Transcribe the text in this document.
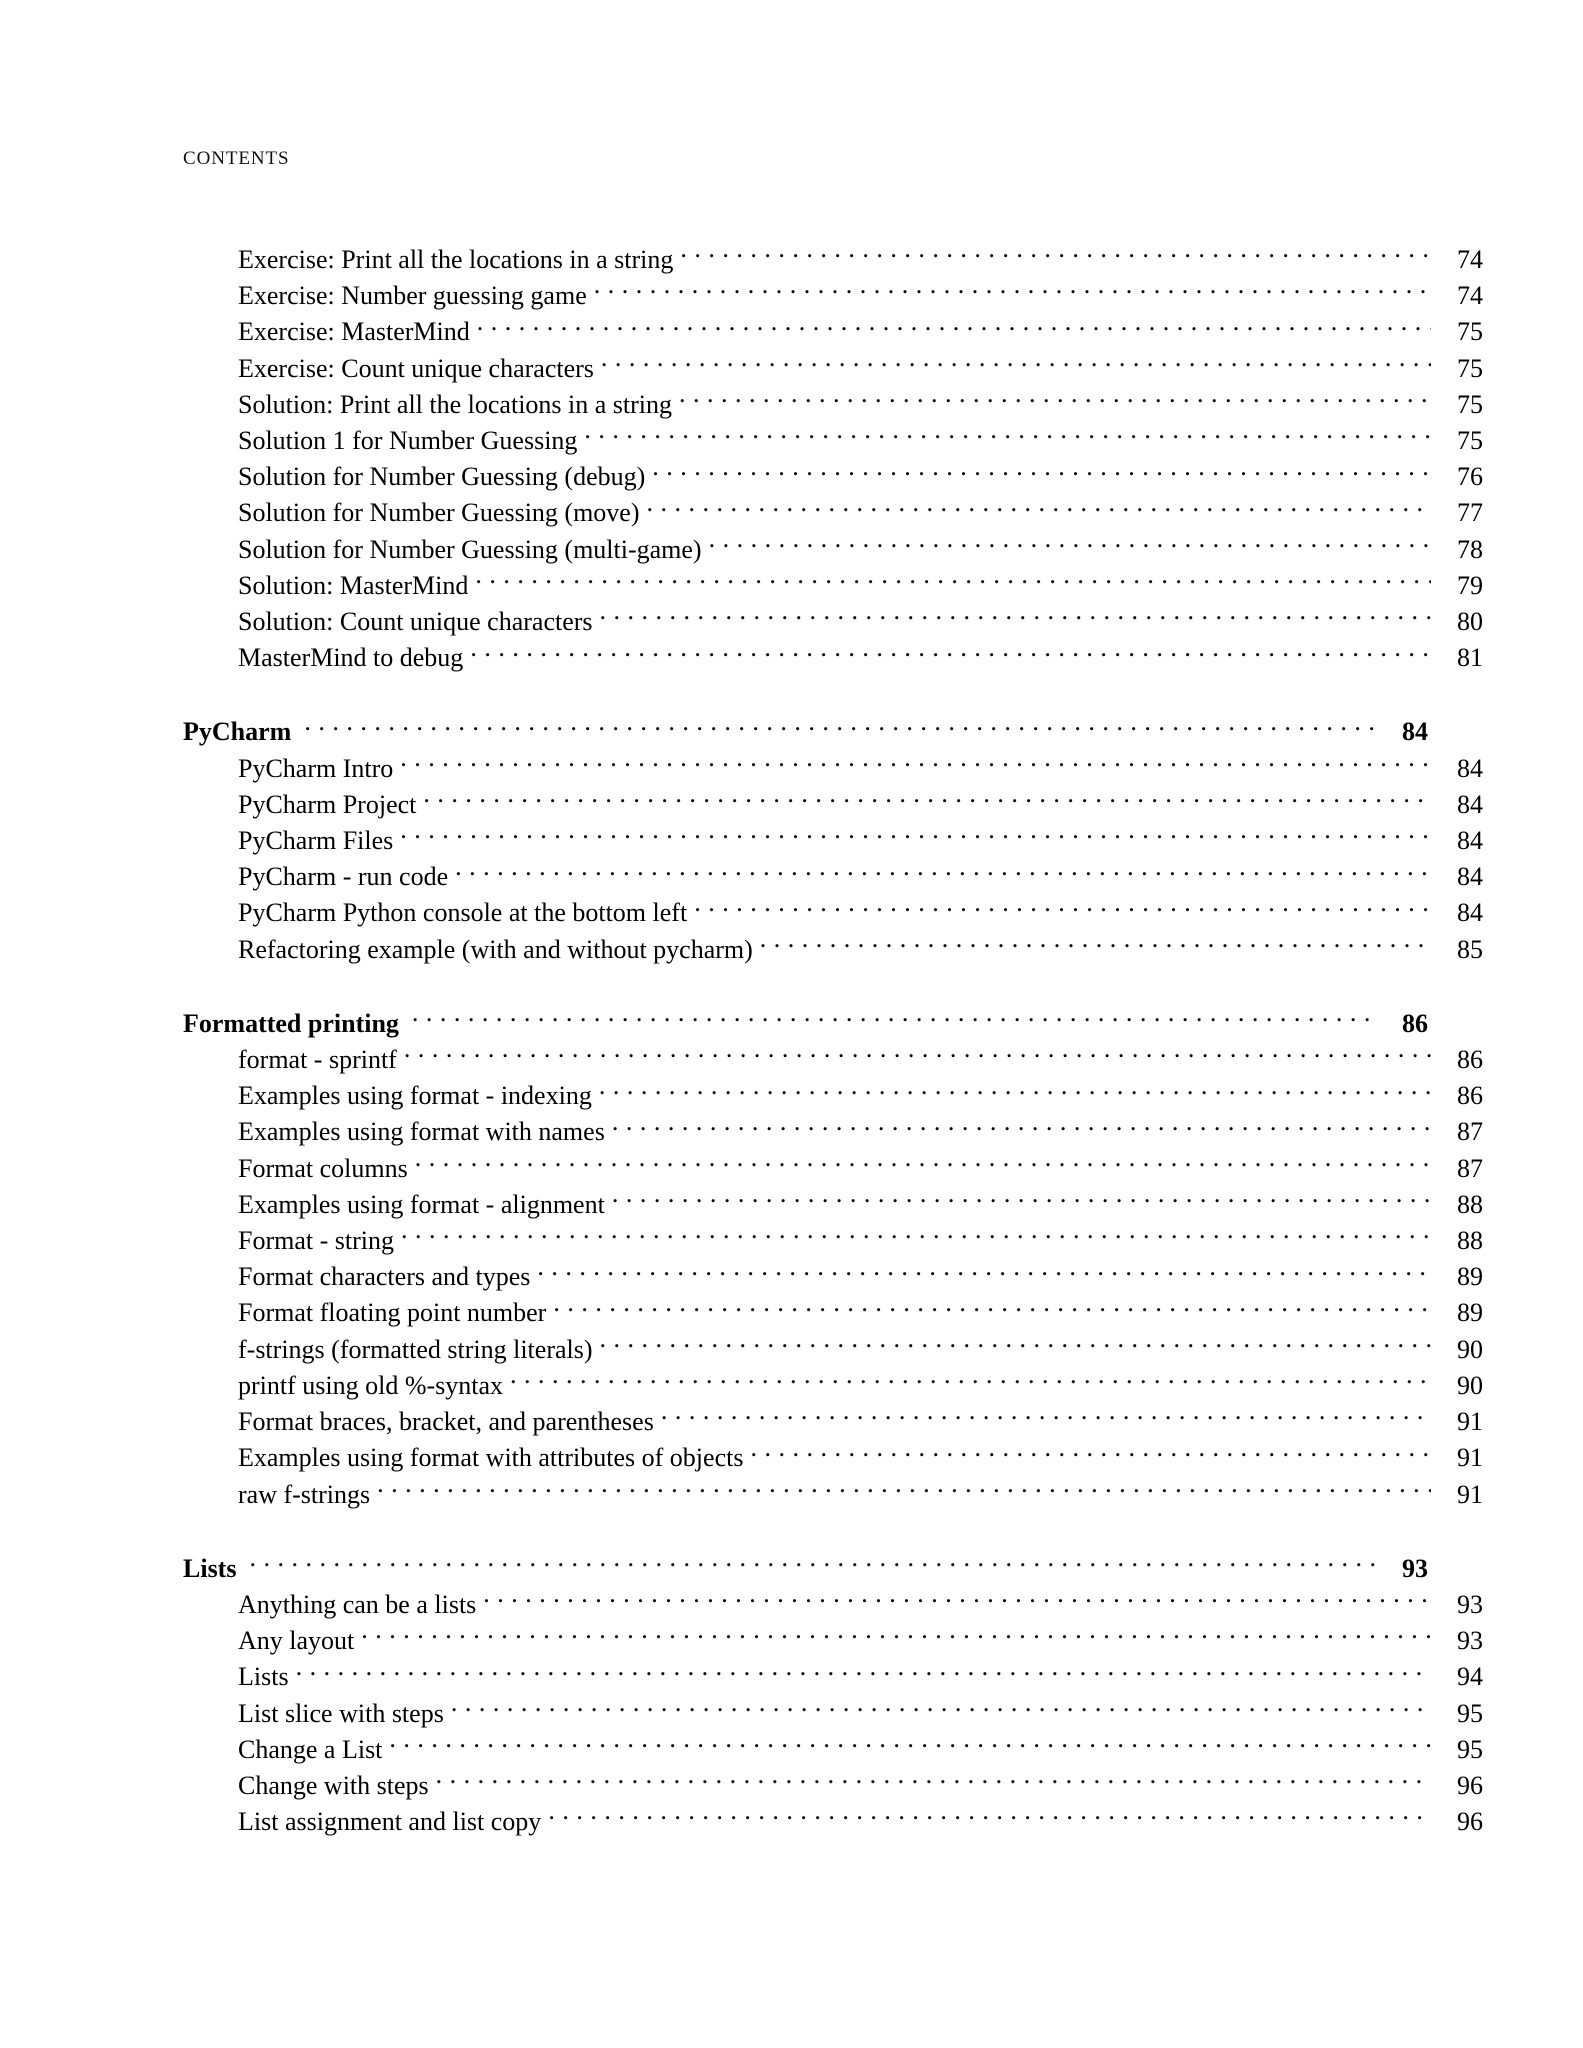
CONTENTS
Exercise: Print all the locations in a string . . .	74
Exercise: Number guessing game . . .	74
Exercise: MasterMind . . .	75
Exercise: Count unique characters . . .	75
Solution: Print all the locations in a string . . .	75
Solution 1 for Number Guessing . . .	75
Solution for Number Guessing (debug) . . .	76
Solution for Number Guessing (move) . . .	77
Solution for Number Guessing (multi-game) . . .	78
Solution: MasterMind . . .	79
Solution: Count unique characters . . .	80
MasterMind to debug . . .	81
PyCharm . . .	84
PyCharm Intro . . .	84
PyCharm Project . . .	84
PyCharm Files . . .	84
PyCharm - run code . . .	84
PyCharm Python console at the bottom left . . .	84
Refactoring example (with and without pycharm) . . .	85
Formatted printing . . .	86
format - sprintf . . .	86
Examples using format - indexing . . .	86
Examples using format with names . . .	87
Format columns . . .	87
Examples using format - alignment . . .	88
Format - string . . .	88
Format characters and types . . .	89
Format floating point number . . .	89
f-strings (formatted string literals) . . .	90
printf using old %-syntax . . .	90
Format braces, bracket, and parentheses . . .	91
Examples using format with attributes of objects . . .	91
raw f-strings . . .	91
Lists . . .	93
Anything can be a lists . . .	93
Any layout . . .	93
Lists . . .	94
List slice with steps . . .	95
Change a List . . .	95
Change with steps . . .	96
List assignment and list copy . . .	96
